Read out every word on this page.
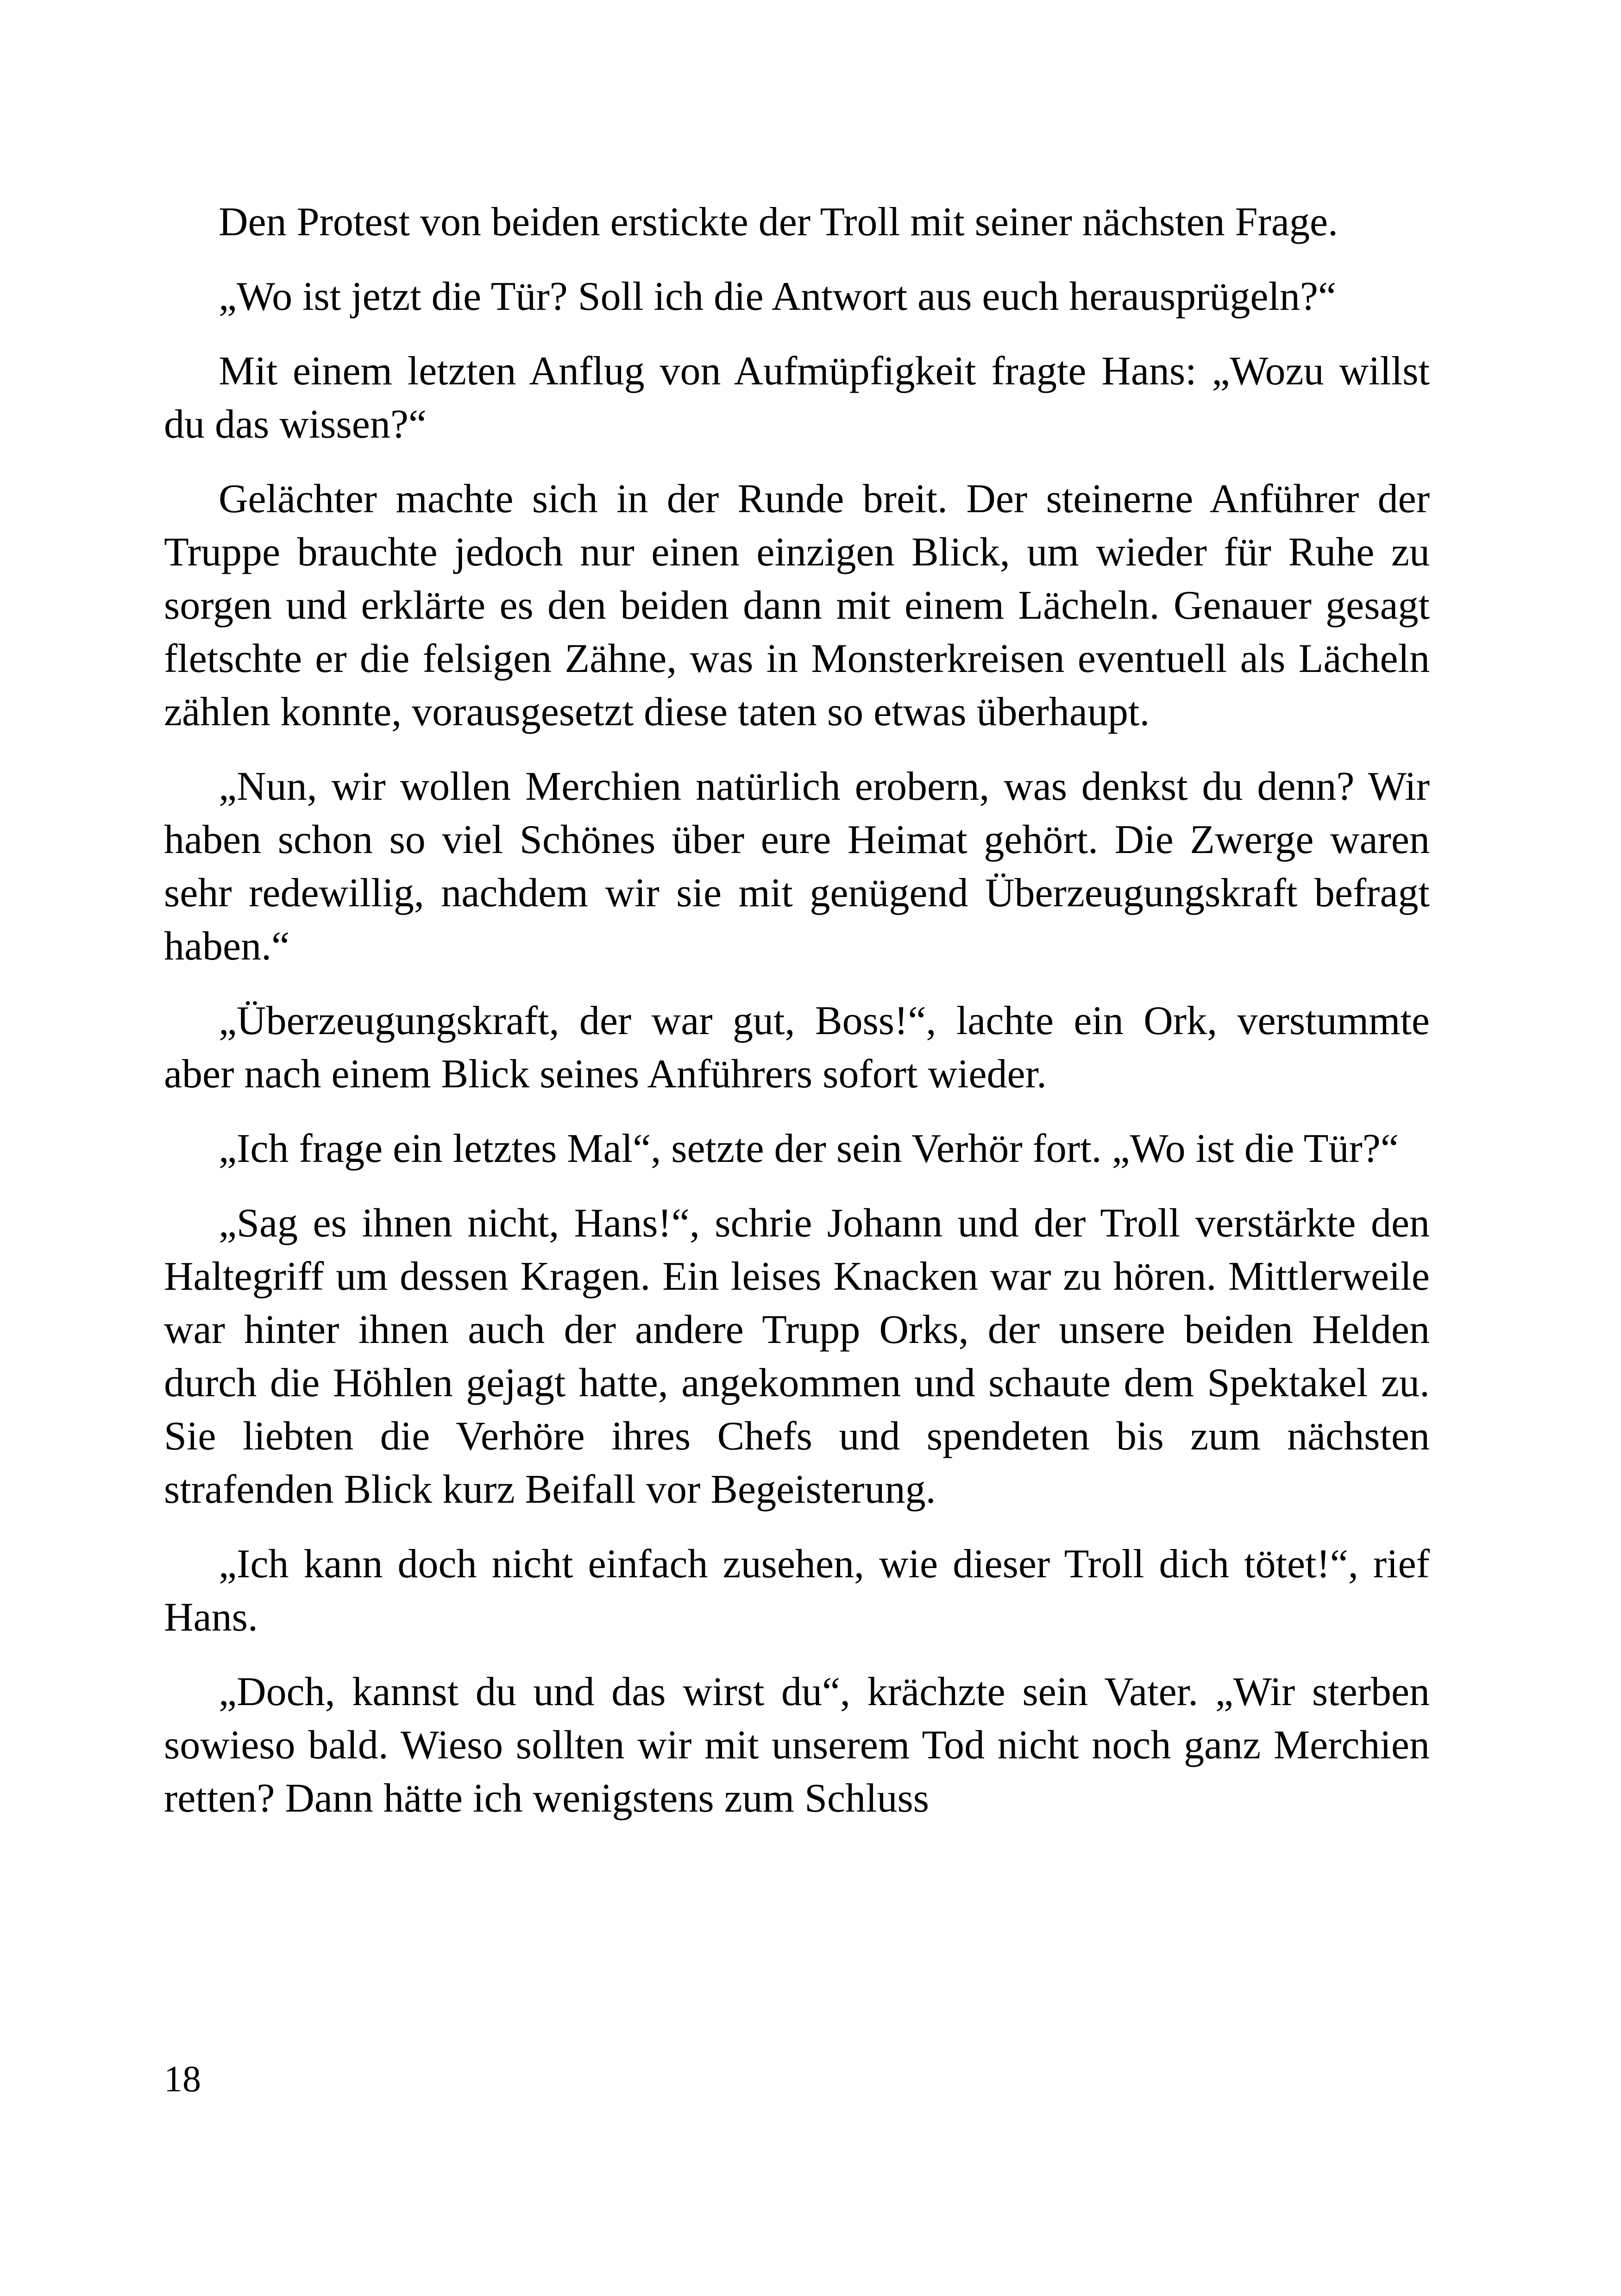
Den Protest von beiden erstickte der Troll mit seiner nächsten Frage.

„Wo ist jetzt die Tür? Soll ich die Antwort aus euch herausprügeln?“

Mit einem letzten Anflug von Aufmüpfigkeit fragte Hans: „Wozu willst du das wissen?“

Gelächter machte sich in der Runde breit. Der steinerne Anführer der Truppe brauchte jedoch nur einen einzigen Blick, um wieder für Ruhe zu sorgen und erklärte es den beiden dann mit einem Lächeln. Genauer gesagt fletschte er die felsigen Zähne, was in Monsterkreisen eventuell als Lächeln zählen konnte, vorausgesetzt diese taten so etwas überhaupt.

„Nun, wir wollen Merchien natürlich erobern, was denkst du denn? Wir haben schon so viel Schönes über eure Heimat gehört. Die Zwerge waren sehr redewillig, nachdem wir sie mit genügend Überzeugungskraft befragt haben.“

„Überzeugungskraft, der war gut, Boss!“, lachte ein Ork, verstummte aber nach einem Blick seines Anführers sofort wieder.

„Ich frage ein letztes Mal“, setzte der sein Verhör fort. „Wo ist die Tür?“

„Sag es ihnen nicht, Hans!“, schrie Johann und der Troll verstärkte den Haltegriff um dessen Kragen. Ein leises Knacken war zu hören. Mittlerweile war hinter ihnen auch der andere Trupp Orks, der unsere beiden Helden durch die Höhlen gejagt hatte, angekommen und schaute dem Spektakel zu. Sie liebten die Verhöre ihres Chefs und spendeten bis zum nächsten strafenden Blick kurz Beifall vor Begeisterung.

„Ich kann doch nicht einfach zusehen, wie dieser Troll dich tötet!“, rief Hans.

„Doch, kannst du und das wirst du“, krächzte sein Vater. „Wir sterben sowieso bald. Wieso sollten wir mit unserem Tod nicht noch ganz Merchien retten? Dann hätte ich wenigstens zum Schluss

18
